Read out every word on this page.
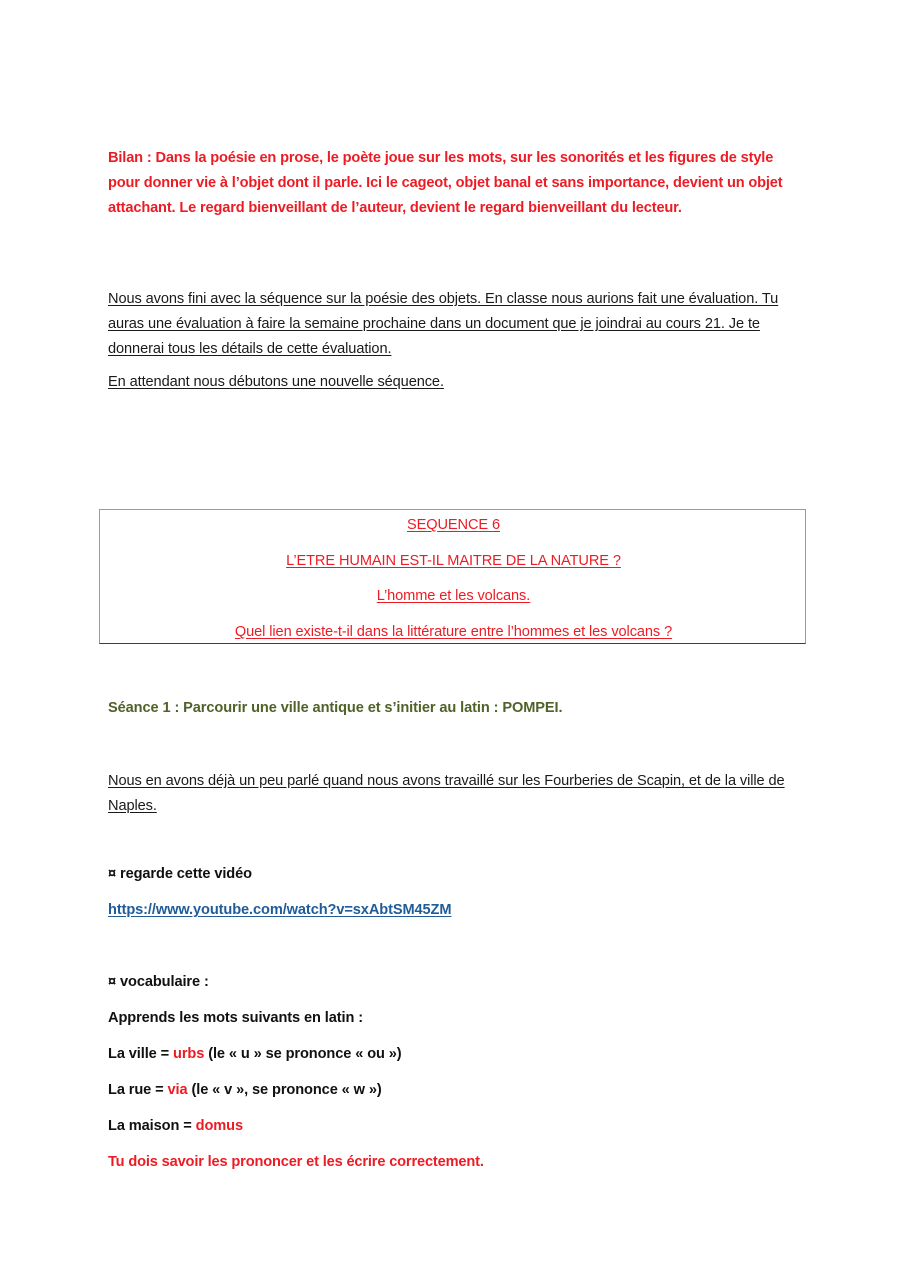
Bilan : Dans la poésie en prose, le poète joue sur les mots, sur les sonorités et les figures de style pour donner vie à l’objet dont il parle. Ici le cageot, objet banal et sans importance, devient un objet attachant. Le regard bienveillant de l’auteur, devient le regard bienveillant du lecteur.
Nous avons fini avec la séquence sur la poésie des objets. En classe nous aurions fait une évaluation. Tu auras une évaluation à faire la semaine prochaine dans un document que je joindrai au cours 21. Je te donnerai tous les détails de cette évaluation.
En attendant nous débutons une nouvelle séquence.
SEQUENCE 6
L’ETRE HUMAIN EST-IL MAITRE DE LA NATURE ?
L’homme et les volcans.
Quel lien existe-t-il dans la littérature entre l’hommes et les volcans ?
Séance 1 : Parcourir une ville antique et s’initier au latin : POMPEI.
Nous en avons déjà un peu parlé quand nous avons travaillé sur les Fourberies de Scapin, et de la ville de Naples.
¤ regarde cette vidéo
https://www.youtube.com/watch?v=sxAbtSM45ZM
¤ vocabulaire :
Apprends les mots suivants en latin :
La ville = urbs (le « u » se prononce « ou »)
La rue = via (le « v », se prononce « w »)
La maison = domus
Tu dois savoir les prononcer et les écrire correctement.
